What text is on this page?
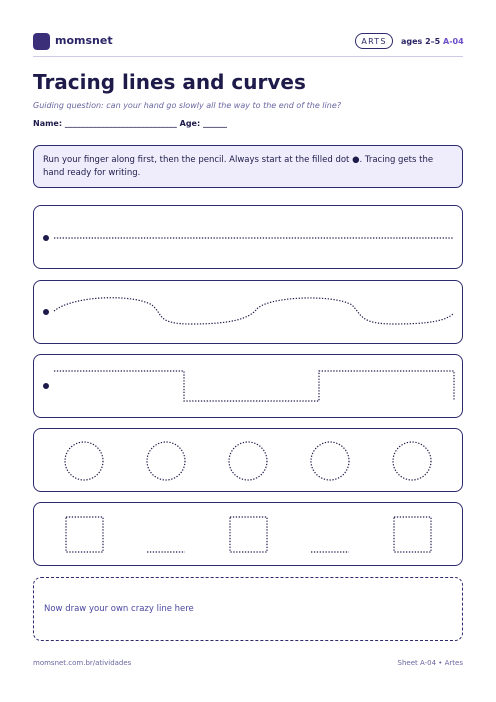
momsnet	ARTS	ages 2–5 A-04
Tracing lines and curves
Guiding question: can your hand go slowly all the way to the end of the line?
Name: ____________________________ Age: ______
Run your finger along first, then the pencil. Always start at the filled dot ●. Tracing gets the hand ready for writing.
Now draw your own crazy line here
momsnet.com.br/atividades	Sheet A-04 • Artes
